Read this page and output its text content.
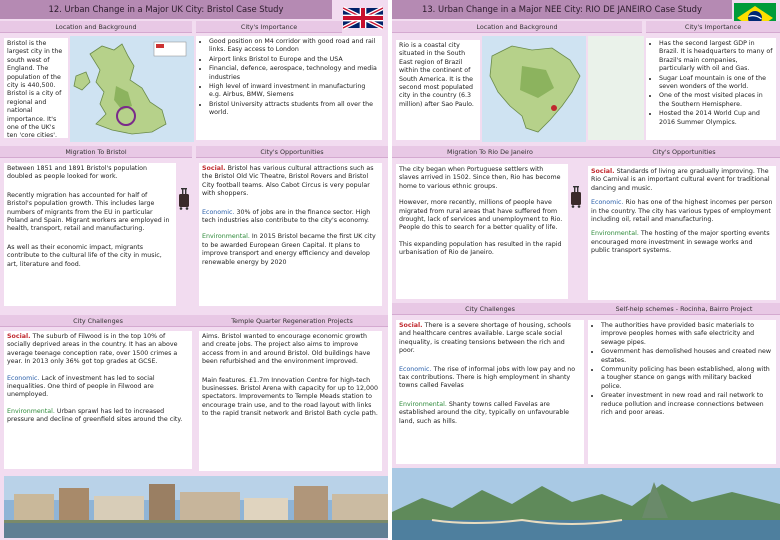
12. Urban Change in a Major UK City: Bristol Case Study
Location and Background	City's Importance
Bristol is the largest city in the south west of England. The population of the city is 440,500. Bristol is a city of regional and national importance. It's one of the UK's ten 'core cities'.
• Good position on M4 corridor with good road and rail links. Easy access to London
• Airport links Bristol to Europe and the USA
• Financial, defence, aerospace, technology and media industries
• High level of inward investment in manufacturing e.g. Airbus, BMW, Siemens
• Bristol University attracts students from all over the world.
Migration To Bristol	City's Opportunities

Between 1851 and 1891 Bristol's population doubled as people looked for work.

Recently migration has accounted for half of Bristol's population growth. This includes large numbers of migrants from the EU in particular Poland and Spain. Migrant workers are employed in health, transport, retail and manufacturing.

As well as their economic impact, migrants contribute to the cultural life of the city in music, art, literature and food.

Social. Bristol has various cultural attractions such as the Bristol Old Vic Theatre, Bristol Rovers and Bristol City football teams. Also Cabot Circus is very popular with shoppers.

Economic. 30% of jobs are in the finance sector. High tech industries also contribute to the city's economy.

Environmental. In 2015 Bristol became the first UK city to be awarded European Green Capital. It plans to improve transport and energy efficiency and develop renewable energy by 2020

City Challenges	Temple Quarter Regeneration Projects

Social. The suburb of Filwood is in the top 10% of socially deprived areas in the country. It has an above average teenage conception rate, over 1500 crimes a year. In 2013 only 36% got top grades at GCSE.

Economic. Lack of investment has led to social inequalities. One third of people in Filwood are unemployed.

Environmental. Urban sprawl has led to increased pressure and decline of greenfield sites around the city.

Aims. Bristol wanted to encourage economic growth and create jobs. The project also aims to improve access from in and around Bristol. Old buildings have been refurbished and the environment improved.

Main features. £1.7m Innovation Centre for high-tech businesses. Bristol Arena with capacity for up to 12,000 spectators. Improvements to Temple Meads station to encourage train use, and to the road layout with links to the rapid transit network and Bristol Bath cycle path.

13. Urban Change in a Major NEE City: RIO DE JANEIRO Case Study
Location and Background	City's Importance
Rio is a coastal city situated in the South East region of Brazil within the continent of South America. It is the second most populated city in the country (6.3 million) after Sao Paulo.
• Has the second largest GDP in Brazil. It is headquarters to many of Brazil's main companies, particularly with oil and Gas.
• Sugar Loaf mountain is one of the seven wonders of the world.
• One of the most visited places in the Southern Hemisphere.
• Hosted the 2014 World Cup and 2016 Summer Olympics.
Migration To Rio De Janeiro	City's Opportunities

The city began when Portuguese settlers with slaves arrived in 1502. Since then, Rio has become home to various ethnic groups.

However, more recently, millions of people have migrated from rural areas that have suffered from drought, lack of services and unemployment to Rio. People do this to search for a better quality of life.

This expanding population has resulted in the rapid urbanisation of Rio de Janeiro.

Social. Standards of living are gradually improving. The Rio Carnival is an important cultural event for traditional dancing and music.

Economic. Rio has one of the highest incomes per person in the country. The city has various types of employment including oil, retail and manufacturing.

Environmental. The hosting of the major sporting events encouraged more investment in sewage works and public transport systems.

City Challenges	Self-help schemes - Rocinha, Bairro Project

Social. There is a severe shortage of housing, schools and healthcare centres available. Large scale social inequality, is creating tensions between the rich and poor.

Economic. The rise of informal jobs with low pay and no tax contributions. There is high employment in shanty towns called Favelas

Environmental. Shanty towns called Favelas are established around the city, typically on unfavourable land, such as hills.

• The authorities have provided basic materials to improve peoples homes with safe electricity and sewage pipes.
• Government has demolished houses and created new estates.
• Community policing has been established, along with a tougher stance on gangs with military backed police.
• Greater investment in new road and rail network to reduce pollution and increase connections between rich and poor areas.
